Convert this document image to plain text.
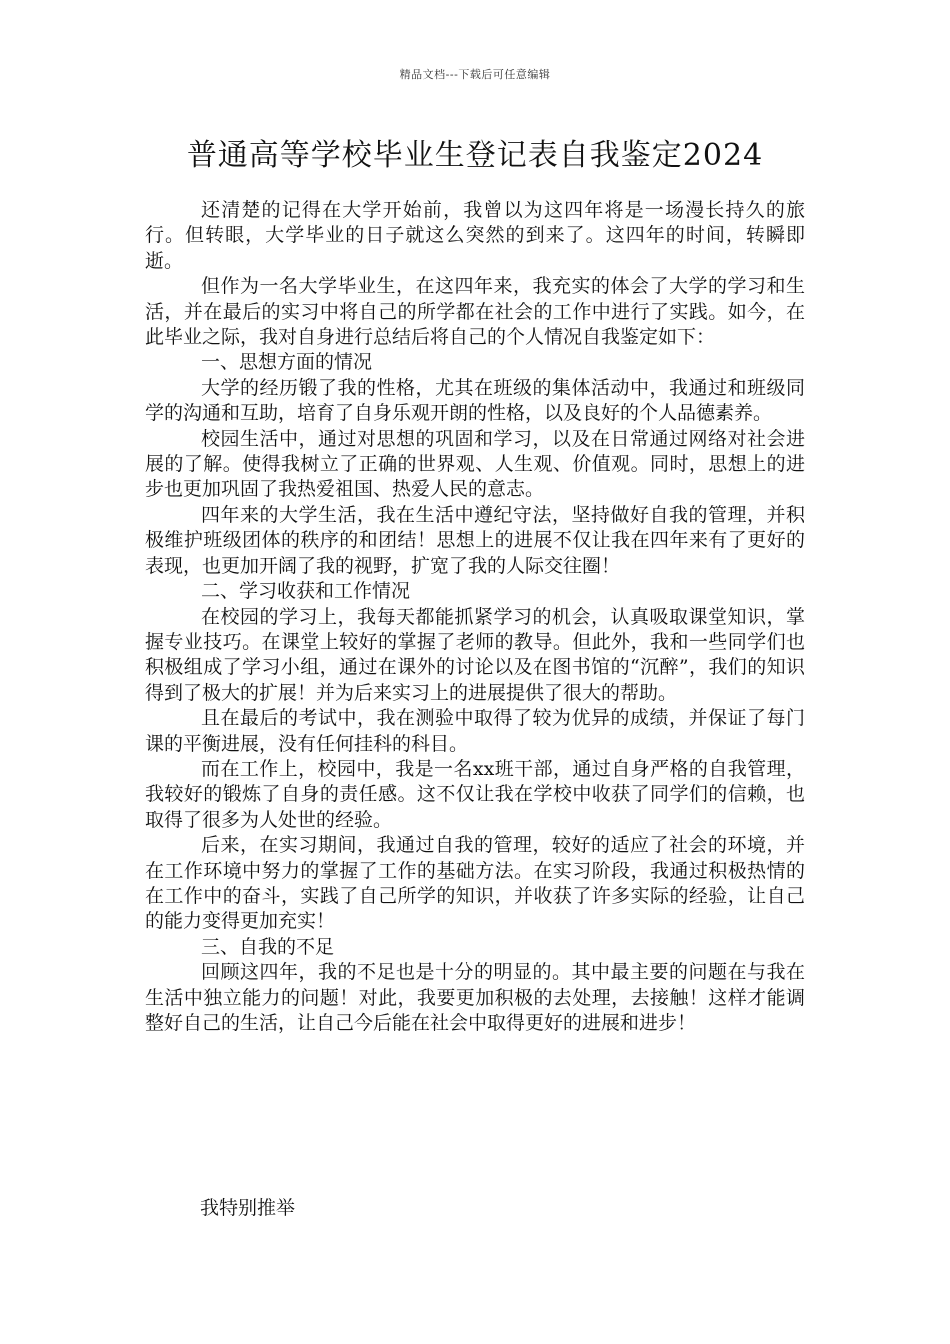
精品文档---下载后可任意编辑
普通高等学校毕业生登记表自我鉴定2024

还清楚的记得在大学开始前，我曾以为这四年将是一场漫长持久的旅行。但转眼，大学毕业的日子就这么突然的到来了。这四年的时间，转瞬即逝。

但作为一名大学毕业生，在这四年来，我充实的体会了大学的学习和生活，并在最后的实习中将自己的所学都在社会的工作中进行了实践。如今，在此毕业之际，我对自身进行总结后将自己的个人情况自我鉴定如下：

一、思想方面的情况

大学的经历锻了我的性格，尤其在班级的集体活动中，我通过和班级同学的沟通和互助，培育了自身乐观开朗的性格，以及良好的个人品德素养。

校园生活中，通过对思想的巩固和学习，以及在日常通过网络对社会进展的了解。使得我树立了正确的世界观、人生观、价值观。同时，思想上的进步也更加巩固了我热爱祖国、热爱人民的意志。

四年来的大学生活，我在生活中遵纪守法，坚持做好自我的管理，并积极维护班级团体的秩序的和团结！思想上的进展不仅让我在四年来有了更好的表现，也更加开阔了我的视野，扩宽了我的人际交往圈！

二、学习收获和工作情况

在校园的学习上，我每天都能抓紧学习的机会，认真吸取课堂知识，掌握专业技巧。在课堂上较好的掌握了老师的教导。但此外，我和一些同学们也积极组成了学习小组，通过在课外的讨论以及在图书馆的“沉醉”，我们的知识得到了极大的扩展！并为后来实习上的进展提供了很大的帮助。

且在最后的考试中，我在测验中取得了较为优异的成绩，并保证了每门课的平衡进展，没有任何挂科的科目。

而在工作上，校园中，我是一名xx班干部，通过自身严格的自我管理，我较好的锻炼了自身的责任感。这不仅让我在学校中收获了同学们的信赖，也取得了很多为人处世的经验。

后来，在实习期间，我通过自我的管理，较好的适应了社会的环境，并在工作环境中努力的掌握了工作的基础方法。在实习阶段，我通过积极热情的在工作中的奋斗，实践了自己所学的知识，并收获了许多实际的经验，让自己的能力变得更加充实！

三、自我的不足

回顾这四年，我的不足也是十分的明显的。其中最主要的问题在与我在生活中独立能力的问题！对此，我要更加积极的去处理，去接触！这样才能调整好自己的生活，让自己今后能在社会中取得更好的进展和进步！

我特别推举
